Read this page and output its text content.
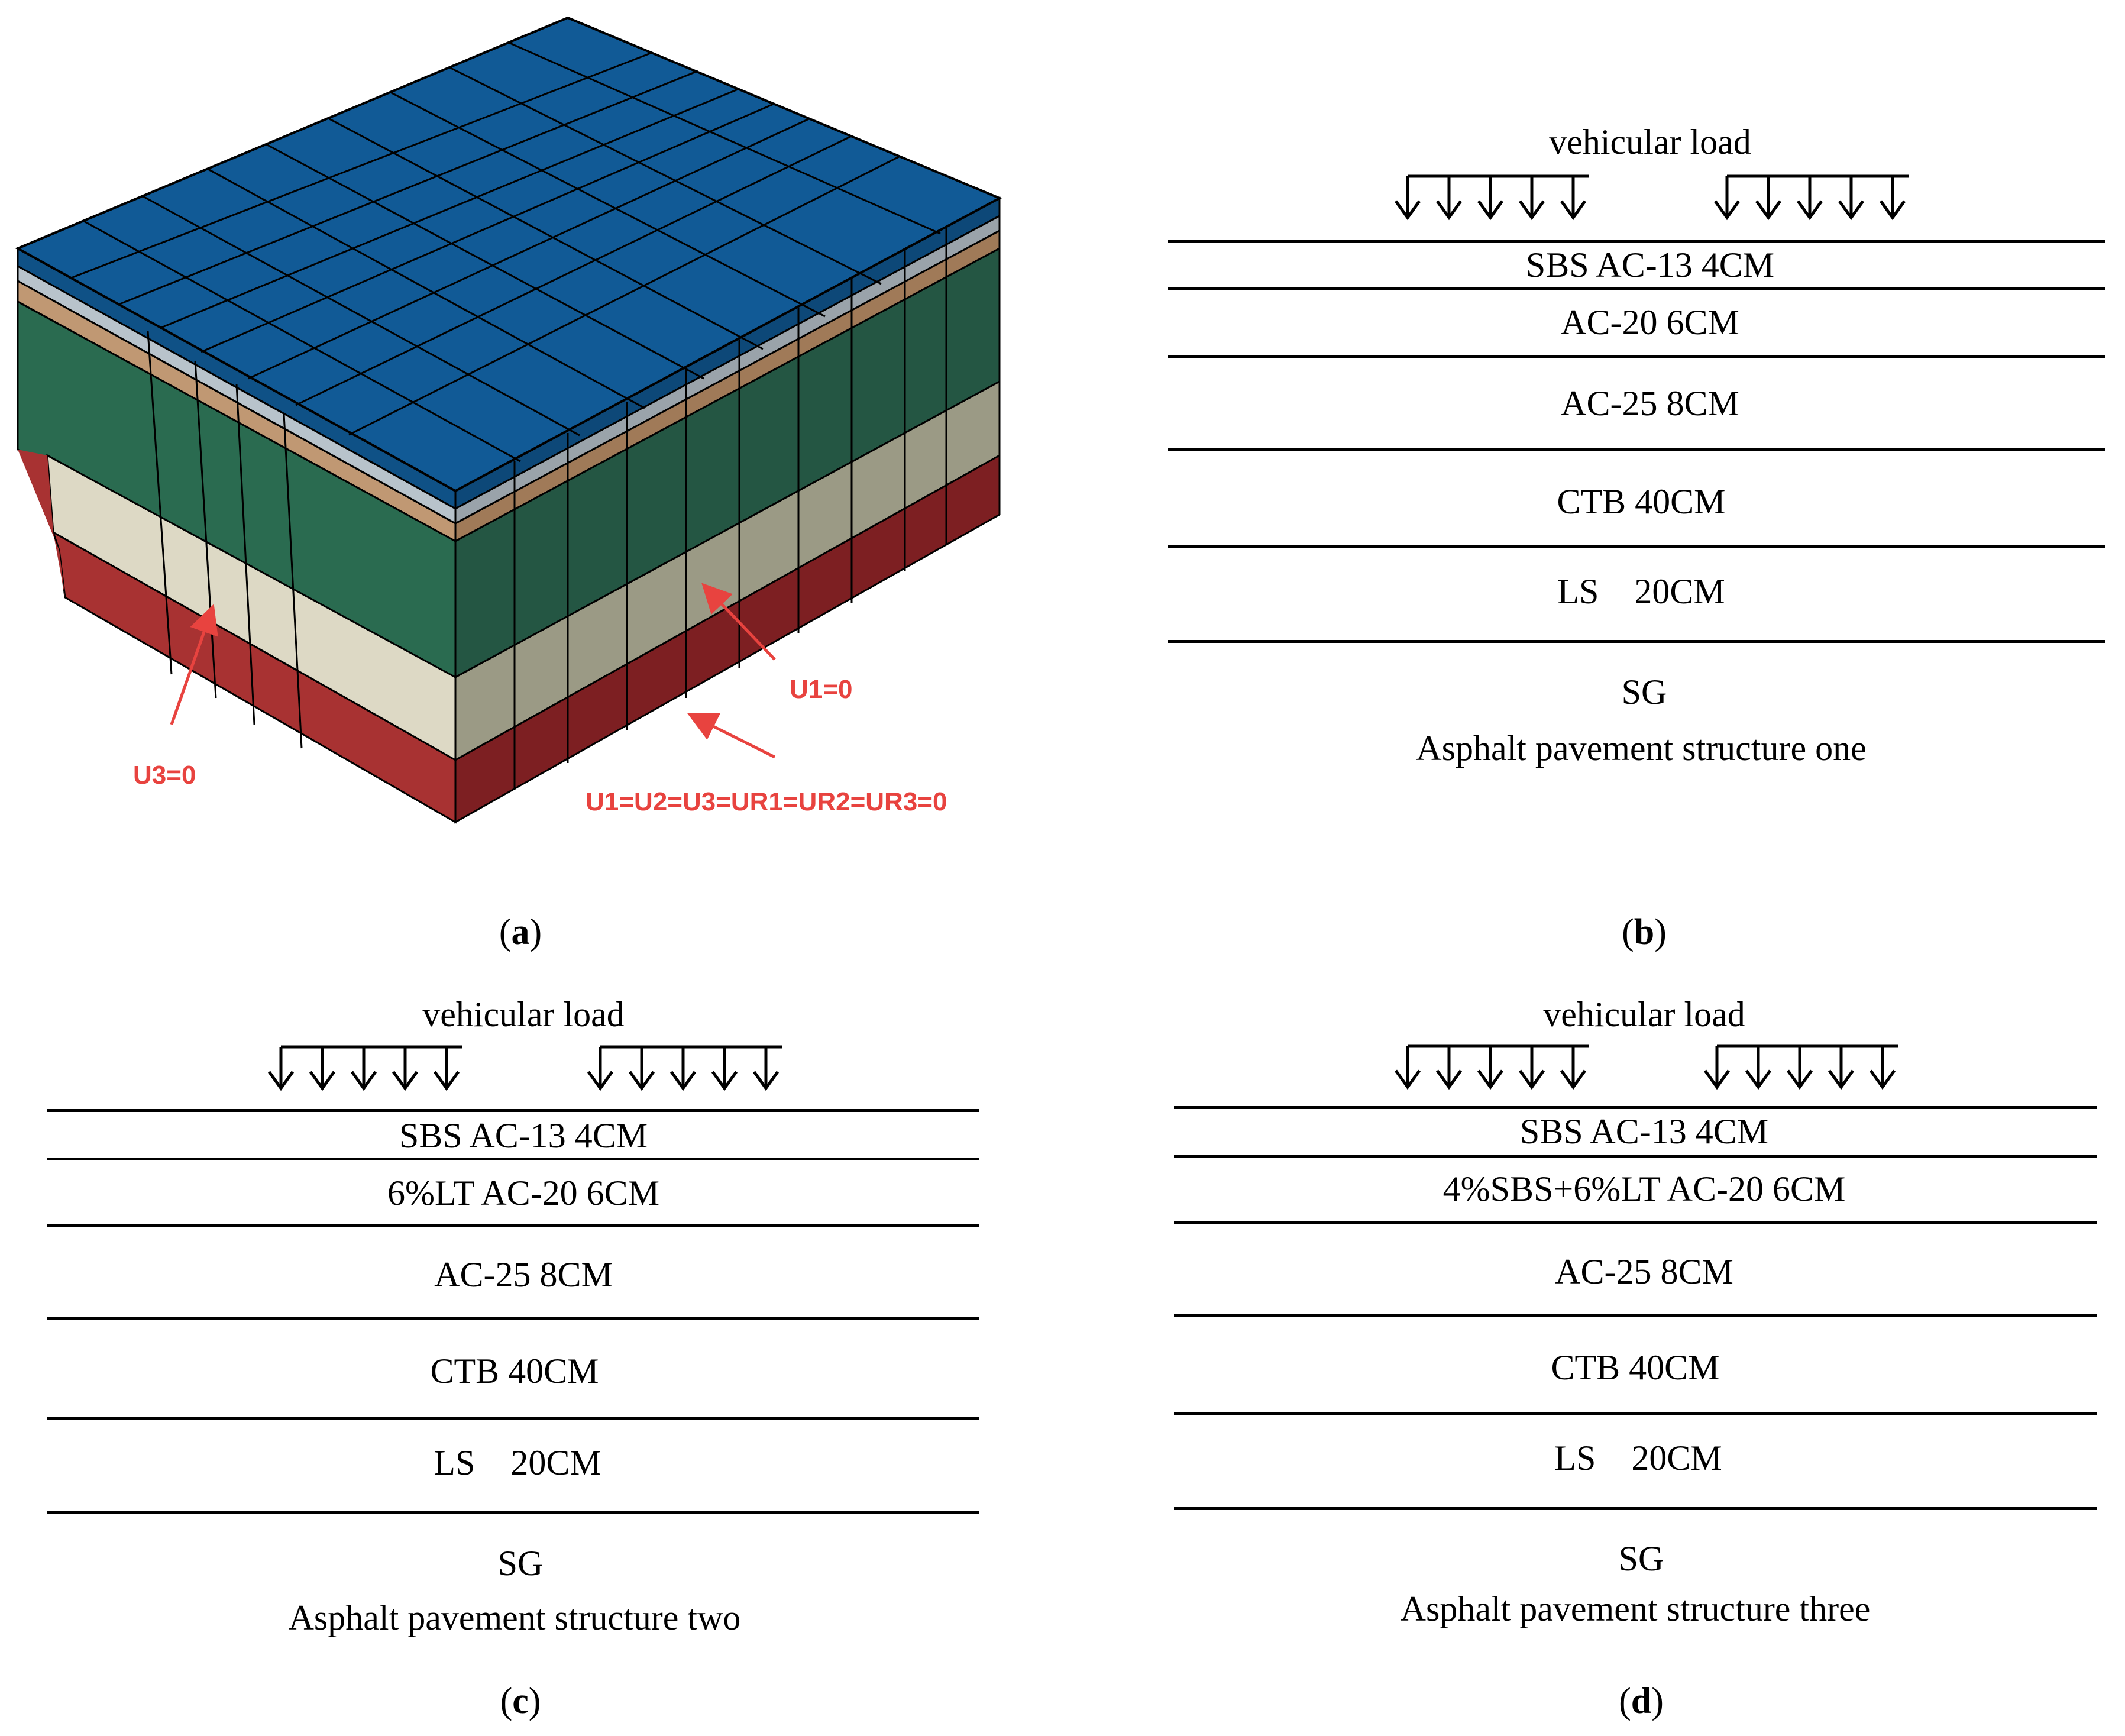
U1=0
U3=0
U1=U2=U3=UR1=UR2=UR3=0
(a)
vehicular load
SBS AC-13 4CM
AC-20 6CM
AC-25 8CM
CTB 40CM
LS    20CM
SG
Asphalt pavement structure one
(b)
vehicular load
SBS AC-13 4CM
6%LT AC-20 6CM
AC-25 8CM
CTB 40CM
LS    20CM
SG
Asphalt pavement structure two
(c)
vehicular load
SBS AC-13 4CM
4%SBS+6%LT AC-20 6CM
AC-25 8CM
CTB 40CM
LS    20CM
SG
Asphalt pavement structure three
(d)
